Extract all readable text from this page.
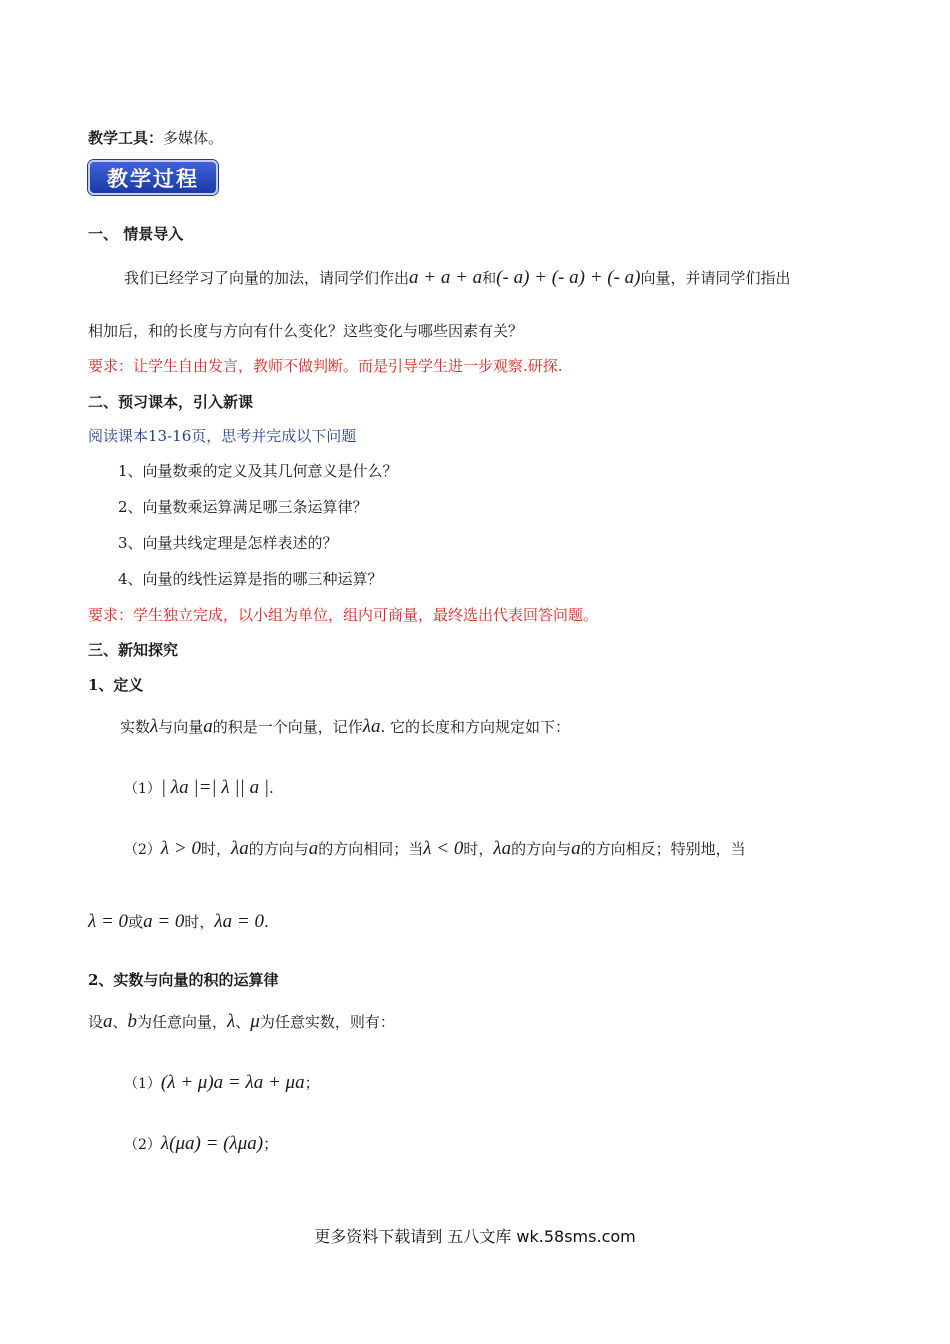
教学工具：多媒体。
教学过程
一、 情景导入
我们已经学习了向量的加法，请同学们作出a + a + a和(- a) + (- a) + (- a)向量，并请同学们指出
相加后，和的长度与方向有什么变化？这些变化与哪些因素有关？
要求：让学生自由发言，教师不做判断。而是引导学生进一步观察.研探.
二、预习课本，引入新课
阅读课本13-16页，思考并完成以下问题
1、向量数乘的定义及其几何意义是什么？
2、向量数乘运算满足哪三条运算律？
3、向量共线定理是怎样表述的？
4、向量的线性运算是指的哪三种运算？
要求：学生独立完成，以小组为单位，组内可商量，最终选出代表回答问题。
三、新知探究
1、定义
实数λ与向量a的积是一个向量，记作λa. 它的长度和方向规定如下：
（1）| λa |=| λ || a |.
（2）λ > 0时，λa的方向与a的方向相同；当λ < 0时，λa的方向与a的方向相反；特别地，当
λ = 0或a = 0时，λa = 0.
2、实数与向量的积的运算律
设a、b为任意向量，λ、μ为任意实数，则有：
（1）(λ + μ)a = λa + μa；
（2）λ(μa) = (λμa)；
更多资料下载请到 五八文库 wk.58sms.com
